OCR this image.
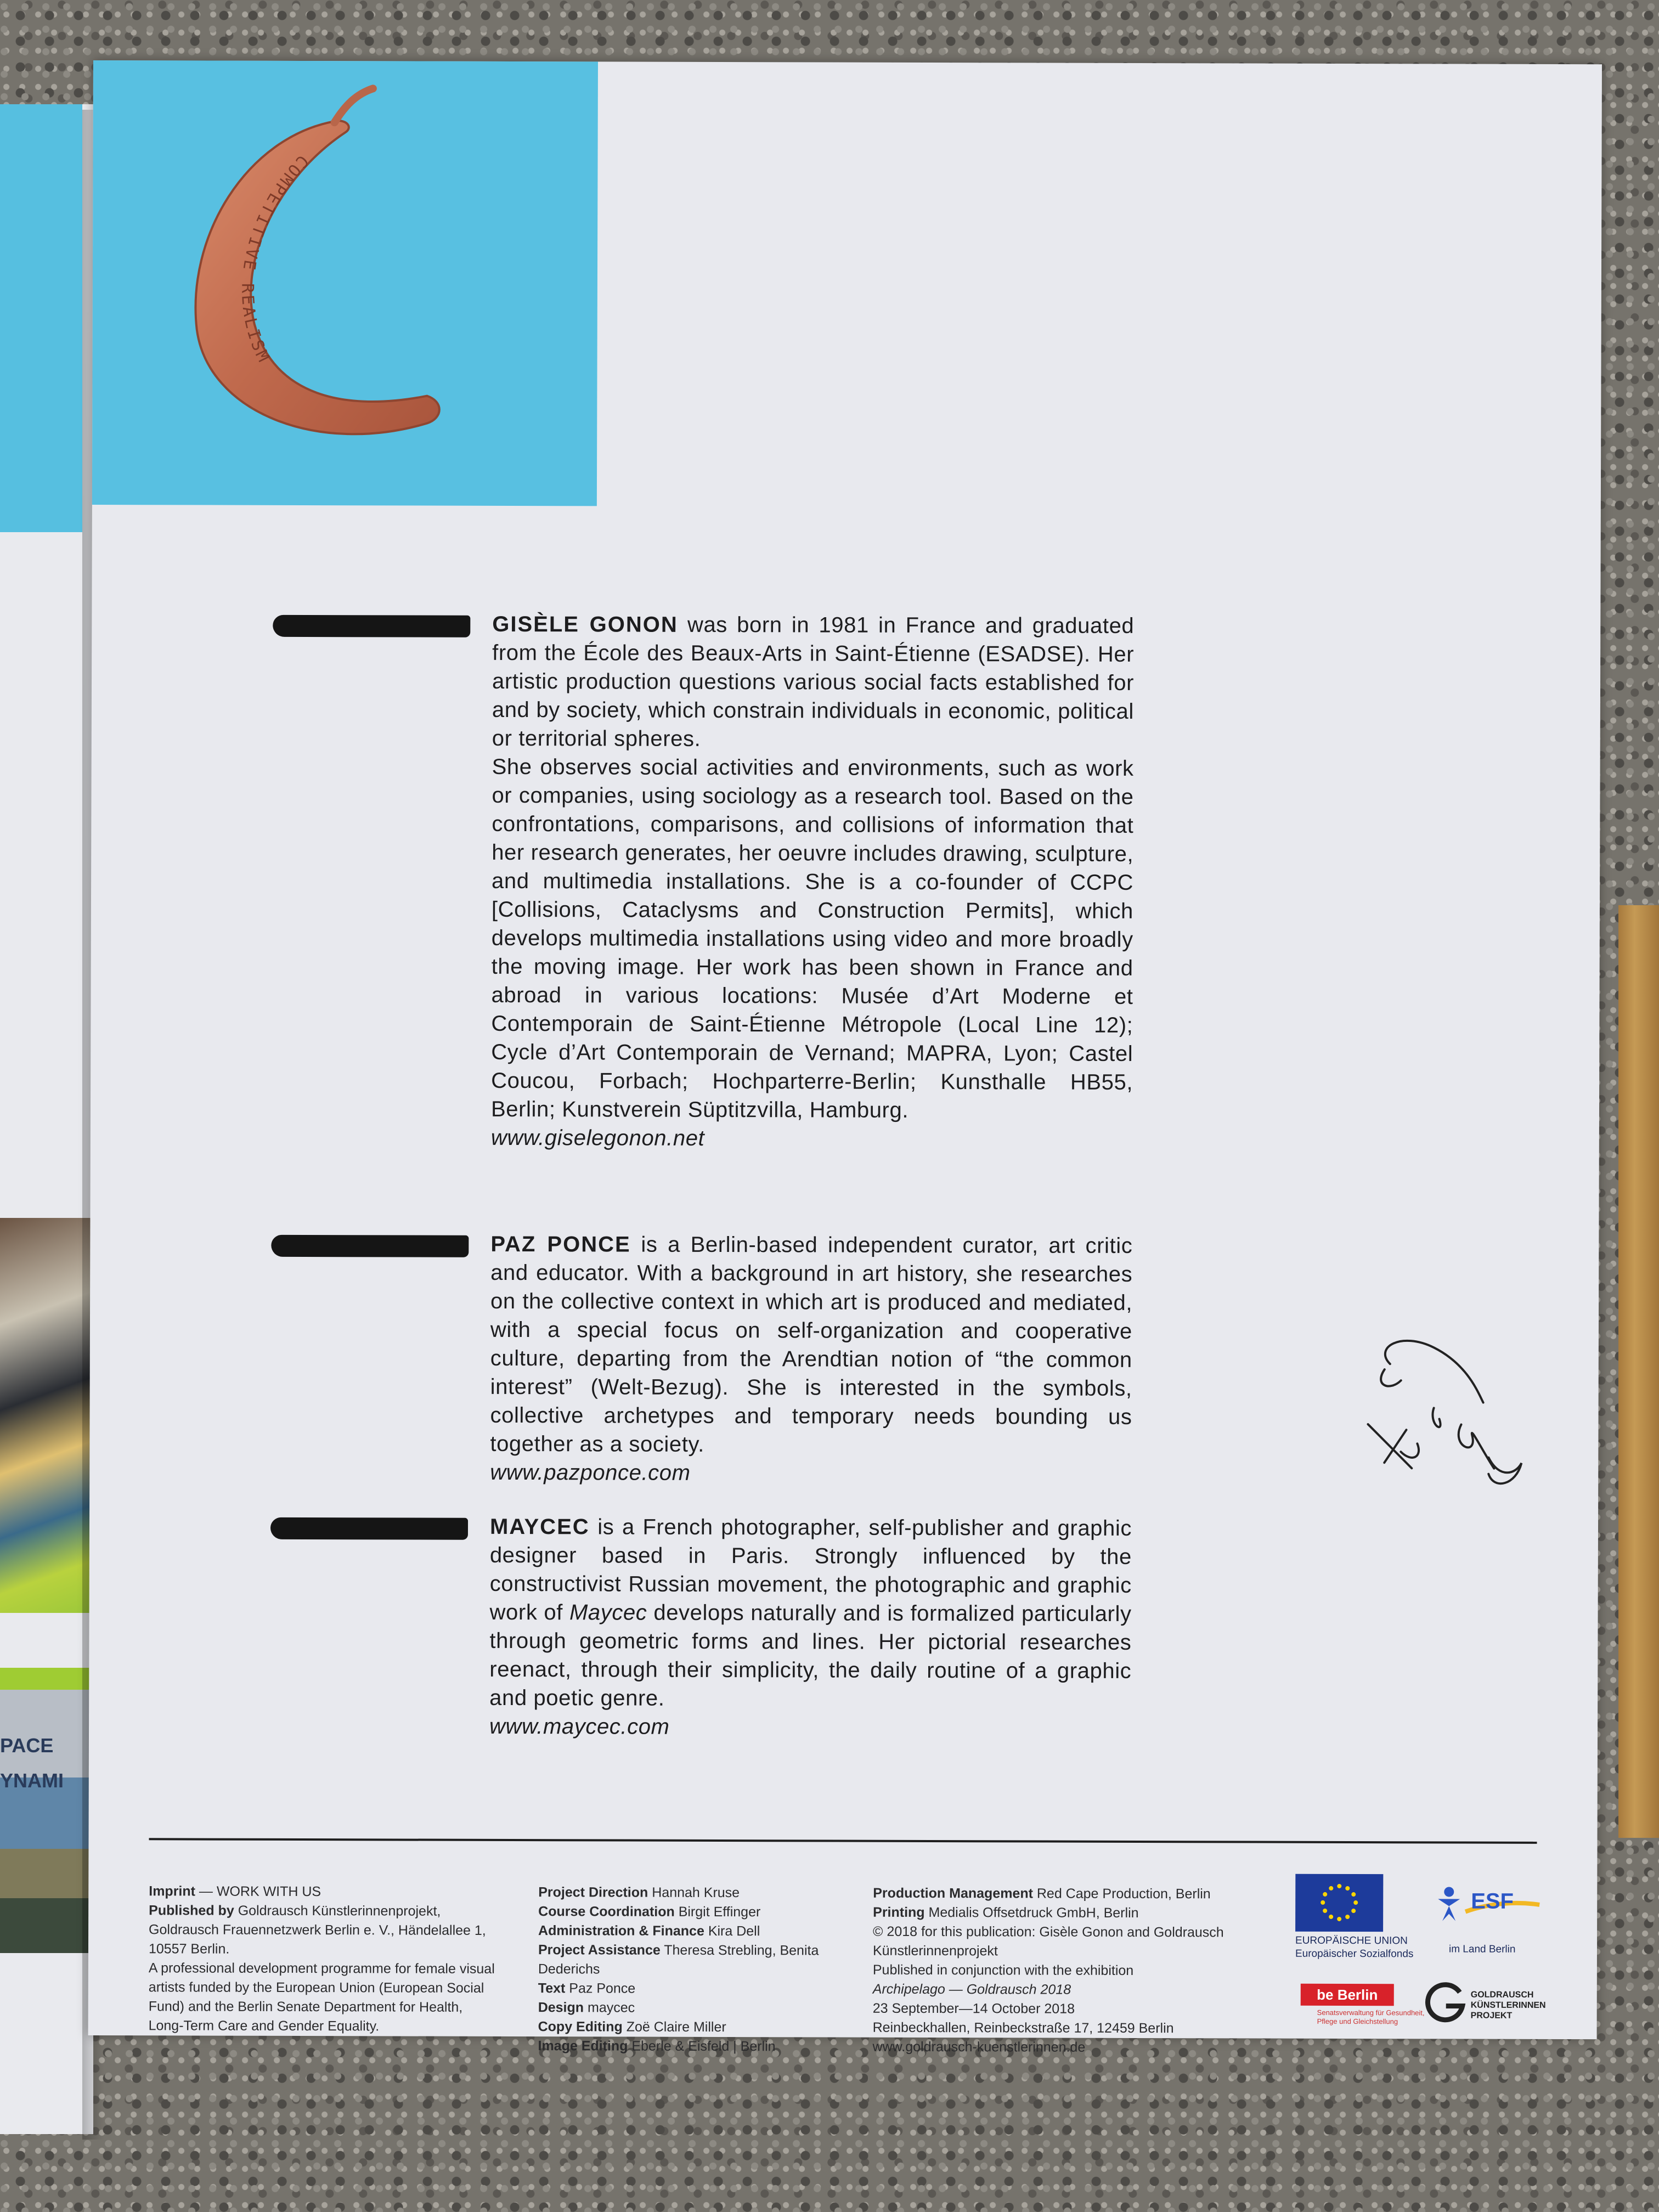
PACE
YNAMI
COMPETITIVE REALISM

GISÈLE GONON was born in 1981 in France and graduated from the École des Beaux-Arts in Saint-Étienne (ESADSE). Her artistic production questions various social facts established for and by society, which constrain individuals in economic, political or territorial spheres.

She observes social activities and environments, such as work or companies, using sociology as a research tool. Based on the confrontations, comparisons, and collisions of information that her research generates, her oeuvre includes drawing, sculpture, and multimedia installations. She is a co-founder of CCPC [Collisions, Cataclysms and Construction Permits], which develops multimedia installations using video and more broadly the moving image. Her work has been shown in France and abroad in various locations: Musée d’Art Moderne et Contemporain de Saint-Étienne Métropole (Local Line 12); Cycle d’Art Contemporain de Vernand; MAPRA, Lyon; Castel Coucou, Forbach; Hochparterre-Berlin; Kunsthalle HB55, Berlin; Kunstverein Süptitzvilla, Hamburg.

www.giselegonon.net

PAZ PONCE is a Berlin-based independent curator, art critic and educator. With a background in art history, she researches on the collective context in which art is produced and mediated, with a special focus on self-organization and cooperative culture, departing from the Arendtian notion of “the common interest” (Welt-Bezug). She is interested in the symbols, collective archetypes and temporary needs bounding us together as a society.

www.pazponce.com

MAYCEC is a French photographer, self-publisher and graphic designer based in Paris. Strongly influenced by the constructivist Russian movement, the photographic and graphic work of Maycec develops naturally and is formalized particularly through geometric forms and lines. Her pictorial researches reenact, through their simplicity, the daily routine of a graphic and poetic genre.

www.maycec.com
Imprint — WORK WITH US
Published by Goldrausch Künstlerinnenprojekt, Goldrausch Frauennetzwerk Berlin e. V., Händelallee 1, 10557 Berlin.
A professional development programme for female visual artists funded by the European Union (European Social Fund) and the Berlin Senate Department for Health, Long-Term Care and Gender Equality.
Project Direction Hannah Kruse
Course Coordination Birgit Effinger
Administration & Finance Kira Dell
Project Assistance Theresa Strebling, Benita Dederichs
Text Paz Ponce
Design maycec
Copy Editing Zoë Claire Miller
Image Editing Eberle & Eisfeld | Berlin
Production Management Red Cape Production, Berlin
Printing Medialis Offsetdruck GmbH, Berlin
© 2018 for this publication: Gisèle Gonon and Goldrausch Künstlerinnenprojekt
Published in conjunction with the exhibition
Archipelago — Goldrausch 2018
23 September—14 October 2018
Reinbeckhallen, Reinbeckstraße 17, 12459 Berlin
www.goldrausch-kuenstlerinnen.de
EUROPÄISCHE UNION
Europäischer Sozialfonds
ESF
im Land Berlin
be Berlin
Senatsverwaltung für Gesundheit, Pflege und Gleichstellung
GOLDRAUSCH KÜNSTLERINNEN PROJEKT
